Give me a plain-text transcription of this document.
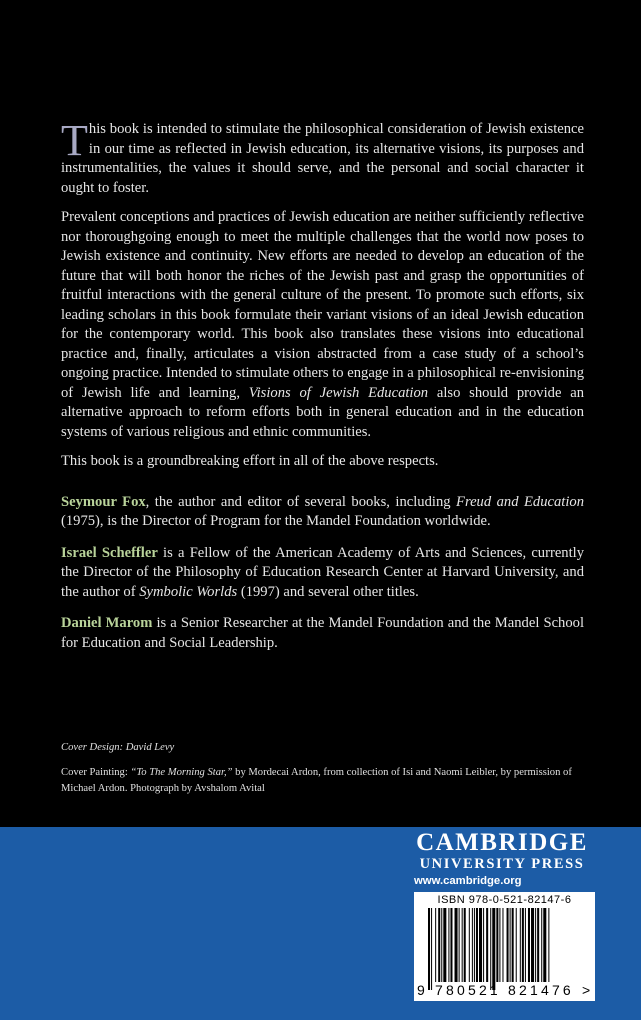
This book is intended to stimulate the philosophical consideration of Jewish existence in our time as reflected in Jewish education, its alternative visions, its purposes and instrumentalities, the values it should serve, and the personal and social character it ought to foster.

Prevalent conceptions and practices of Jewish education are neither sufficiently reflective nor thoroughgoing enough to meet the multiple challenges that the world now poses to Jewish existence and continuity. New efforts are needed to develop an education of the future that will both honor the riches of the Jewish past and grasp the opportunities of fruitful interactions with the general culture of the present. To promote such efforts, six leading scholars in this book formulate their variant visions of an ideal Jewish education for the contemporary world. This book also translates these visions into educational practice and, finally, articulates a vision abstracted from a case study of a school’s ongoing practice. Intended to stimulate others to engage in a philosophical re-envisioning of Jewish life and learning, Visions of Jewish Education also should provide an alternative approach to reform efforts both in general education and in the education systems of various religious and ethnic communities.

This book is a groundbreaking effort in all of the above respects.

Seymour Fox, the author and editor of several books, including Freud and Education (1975), is the Director of Program for the Mandel Foundation worldwide.

Israel Scheffler is a Fellow of the American Academy of Arts and Sciences, currently the Director of the Philosophy of Education Research Center at Harvard University, and the author of Symbolic Worlds (1997) and several other titles.

Daniel Marom is a Senior Researcher at the Mandel Foundation and the Mandel School for Education and Social Leadership.

Cover Design: David Levy
Cover Painting: “To The Morning Star,” by Mordecai Ardon, from collection of Isi and Naomi Leibler, by permission of Michael Ardon. Photograph by Avshalom Avital
CAMBRIDGE
UNIVERSITY PRESS
www.cambridge.org
ISBN 978-0-521-82147-6
9 780521 821476 >
